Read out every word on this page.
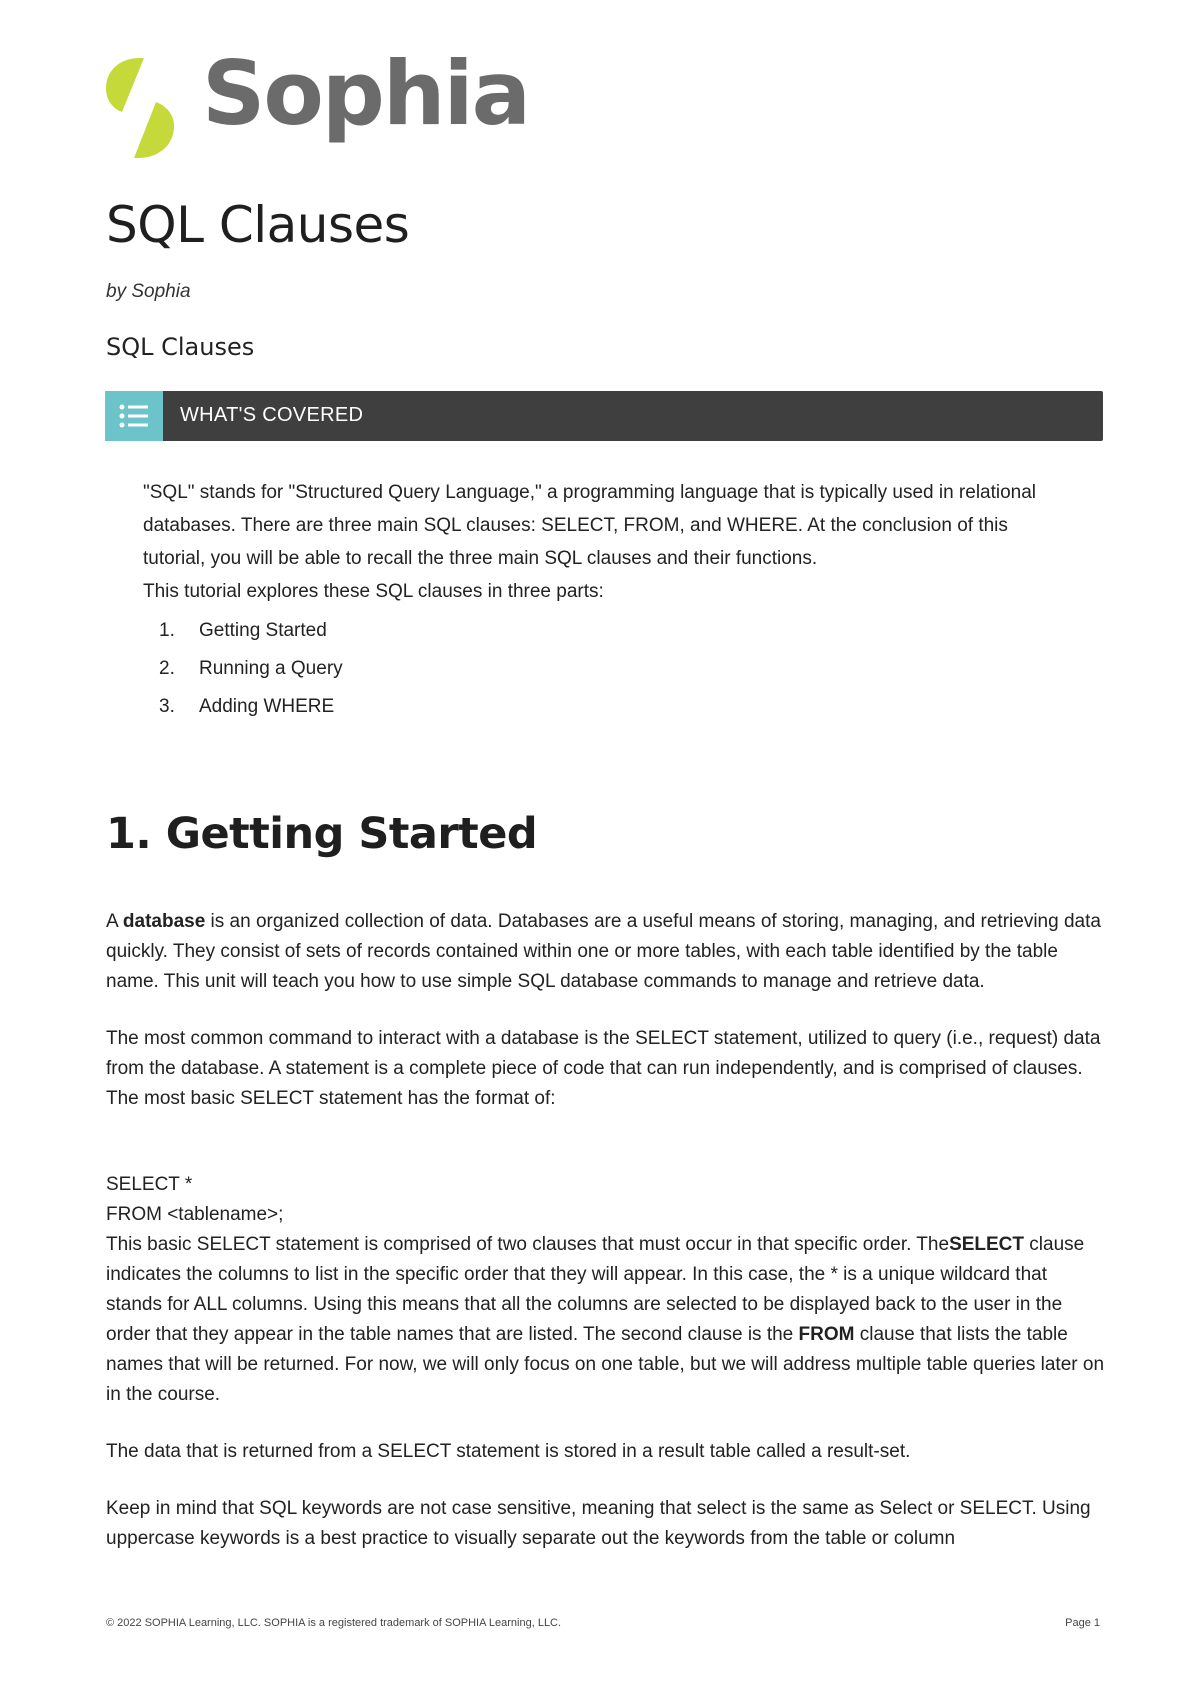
Sophia
SQL Clauses
by Sophia
SQL Clauses
WHAT'S COVERED

"SQL" stands for "Structured Query Language," a programming language that is typically used in relational databases. There are three main SQL clauses: SELECT, FROM, and WHERE. At the conclusion of this tutorial, you will be able to recall the three main SQL clauses and their functions.

This tutorial explores these SQL clauses in three parts:

1. Getting Started
2. Running a Query
3. Adding WHERE
1. Getting Started

A database is an organized collection of data. Databases are a useful means of storing, managing, and retrieving data quickly. They consist of sets of records contained within one or more tables, with each table identified by the table name. This unit will teach you how to use simple SQL database commands to manage and retrieve data.

The most common command to interact with a database is the SELECT statement, utilized to query (i.e., request) data from the database. A statement is a complete piece of code that can run independently, and is comprised of clauses. The most basic SELECT statement has the format of:

SELECT *

FROM <tablename>;

This basic SELECT statement is comprised of two clauses that must occur in that specific order. TheSELECT clause indicates the columns to list in the specific order that they will appear. In this case, the * is a unique wildcard that stands for ALL columns. Using this means that all the columns are selected to be displayed back to the user in the order that they appear in the table names that are listed. The second clause is the FROM clause that lists the table names that will be returned. For now, we will only focus on one table, but we will address multiple table queries later on in the course.

The data that is returned from a SELECT statement is stored in a result table called a result-set.

Keep in mind that SQL keywords are not case sensitive, meaning that select is the same as Select or SELECT. Using uppercase keywords is a best practice to visually separate out the keywords from the table or column

© 2022 SOPHIA Learning, LLC. SOPHIA is a registered trademark of SOPHIA Learning, LLC.	Page 1
